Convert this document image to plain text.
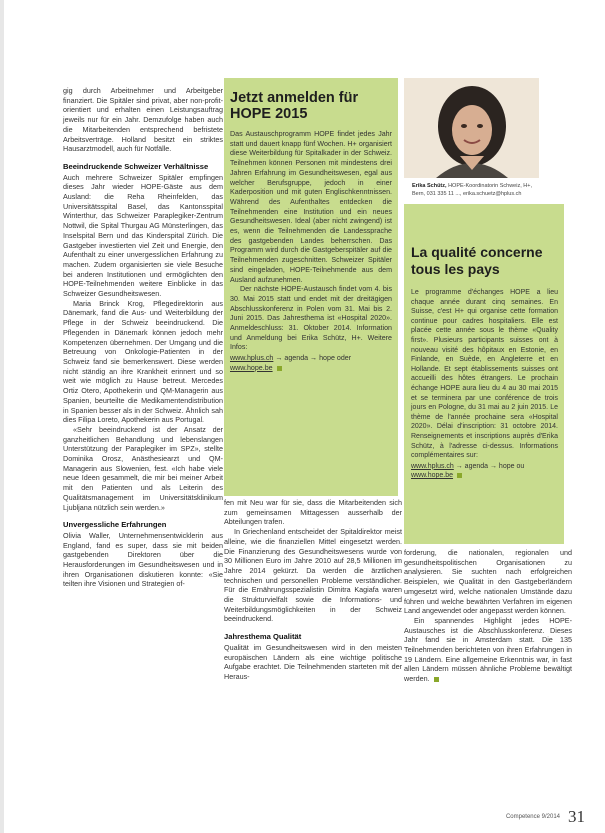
gig durch Arbeitnehmer und Arbeitgeber finanziert. Die Spitäler sind privat, aber non-profit-orientiert und erhalten einen Leistungsauftrag jeweils nur für ein Jahr. Demzufolge haben auch die Mitarbeitenden entsprechend befristete Arbeitsverträge. Holland besitzt ein striktes Hausarztmodell, auch für Notfälle.

Beeindruckende Schweizer Verhältnisse

Auch mehrere Schweizer Spitäler empfingen dieses Jahr wieder HOPE-Gäste aus dem Ausland: die Reha Rheinfelden, das Universitätsspital Basel, das Kantonsspital Winterthur, das Schweizer Paraplegiker-Zentrum Nottwil, die Spital Thurgau AG Münsterlingen, das Inselspital Bern und das Kinderspital Zürich. Die Gastgeber investierten viel Zeit und Energie, den Aufenthalt zu einer unvergesslichen Erfahrung zu machen. Zudem organisierten sie viele Besuche bei anderen Institutionen und ermöglichten den HOPE-Teilnehmenden weitere Einblicke in das Schweizer Gesundheitswesen.

Maria Brinck Krog, Pflegedirektorin aus Dänemark, fand die Aus- und Weiterbildung der Pflege in der Schweiz beeindruckend. Die Pflegenden in Dänemark können jedoch mehr Kompetenzen übernehmen. Der Umgang und die Betreuung von Onkologie-Patienten in der Schweiz fand sie bemerkenswert. Diese werden nicht ständig an ihre Krankheit erinnert und so weit wie möglich zu Hause betreut. Mercedes Ortiz Otero, Apothekerin und QM-Managerin aus Spanien, beurteilte die Medikamentendistribution in Spanien besser als in der Schweiz. Ähnlich sah dies Filipa Loreto, Apothekerin aus Portugal.

«Sehr beeindruckend ist der Ansatz der ganzheitlichen Behandlung und lebenslangen Unterstützung der Paraplegiker im SPZ», stellte Dominika Orosz, Anästhesiearzt und QM-Managerin aus Slowenien, fest. «Ich habe viele neue Ideen gesammelt, die mir bei meiner Arbeit mit den Patienten und als Leiterin des Qualitätsmanagement im Universitätsklinikum Ljubljana nützlich sein werden.»

Unvergessliche Erfahrungen

Olivia Waller, Unternehmensentwicklerin aus England, fand es super, dass sie mit beiden gastgebenden Direktoren über die Herausforderungen im Gesundheitswesen und in ihren Organisationen diskutieren konnte: «Sie teilten ihre Visionen und Strategien of-

Jetzt anmelden für HOPE 2015

Das Austauschprogramm HOPE findet jedes Jahr statt und dauert knapp fünf Wochen. H+ organisiert diese Weiterbildung für Spitalkader in der Schweiz. Teilnehmen können Personen mit mindestens drei Jahren Erfahrung im Gesundheitswesen, egal aus welcher Berufsgruppe, jedoch in einer Kaderposition und mit guten Englischkenntnissen. Während des Aufenthaltes entdecken die Teilnehmenden eine Institution und ein neues Gesundheitswesen. Ideal (aber nicht zwingend) ist es, wenn die Teilnehmenden die Landessprache des gastgebenden Landes beherrschen. Das Programm wird durch die Gastgeberspitäler auf die Teilnehmenden zugeschnitten. Schweizer Spitäler sind eingeladen, HOPE-Teilnehmende aus dem Ausland aufzunehmen.

Der nächste HOPE-Austausch findet vom 4. bis 30. Mai 2015 statt und endet mit der dreitägigen Abschlusskonferenz in Polen vom 31. Mai bis 2. Juni 2015. Das Jahresthema ist «Hospital 2020». Anmeldeschluss: 31. Oktober 2014. Information und Anmeldung bei Erika Schütz, H+. Weitere Infos:

www.hplus.ch → agenda → hope oder
www.hope.be

Erika Schütz, HOPE-Koordinatorin Schweiz, H+, Bern, 031 335 11 ..., erika.schuetz@hplus.ch
La qualité concerne tous les pays

Le programme d'échanges HOPE a lieu chaque année durant cinq semaines. En Suisse, c'est H+ qui organise cette formation continue pour cadres hospitaliers. Elle est placée cette année sous le thème «Quality first». Plusieurs participants suisses ont à nouveau visité des hôpitaux en Estonie, en Finlande, en Suède, en Angleterre et en Hollande. Et sept établissements suisses ont accueilli des hôtes étrangers. Le prochain échange HOPE aura lieu du 4 au 30 mai 2015 et se terminera par une conférence de trois jours en Pologne, du 31 mai au 2 juin 2015. Le thème de l'année prochaine sera «Hospital 2020». Délai d'inscription: 31 octobre 2014. Renseignements et inscriptions auprès d'Erika Schütz, à l'adresse ci-dessus. Informations complémentaires sur:

www.hplus.ch → agenda → hope ou
www.hope.be

fen mit Neu war für sie, dass die Mitarbeitenden sich zum gemeinsamen Mittagessen ausserhalb der Abteilungen trafen.

In Griechenland entscheidet der Spitaldirektor meist alleine, wie die finanziellen Mittel eingesetzt werden. Die Finanzierung des Gesundheitswesens wurde von 30 Millionen Euro im Jahre 2010 auf 28,5 Millionen im Jahre 2014 gekürzt. Da werden die ärztlichen technischen und personellen Probleme verständlicher. Für die Ernährungsspezialistin Dimitra Kagiafa waren die Strukturvielfalt sowie die Informations- und Weiterbildungsmöglichkeiten in der Schweiz beeindruckend.

Jahresthema Qualität

Qualität im Gesundheitswesen wird in den meisten europäischen Ländern als eine wichtige politische Aufgabe erachtet. Die Teilnehmenden starteten mit der Heraus-

forderung, die nationalen, regionalen und gesundheitspolitischen Organisationen zu analysieren. Sie suchten nach erfolgreichen Beispielen, wie Qualität in den Gastgeberländern umgesetzt wird, welche nationalen Umstände dazu führen und welche bewährten Verfahren im eigenen Land angewendet oder angepasst werden können.

Ein spannendes Highlight jedes HOPE-Austausches ist die Abschlusskonferenz. Dieses Jahr fand sie in Amsterdam statt. Die 135 Teilnehmenden berichteten von ihren Erfahrungen in 19 Ländern. Eine allgemeine Erkenntnis war, in fast allen Ländern müssen ähnliche Probleme bewältigt werden.

Competence 9/2014 31
